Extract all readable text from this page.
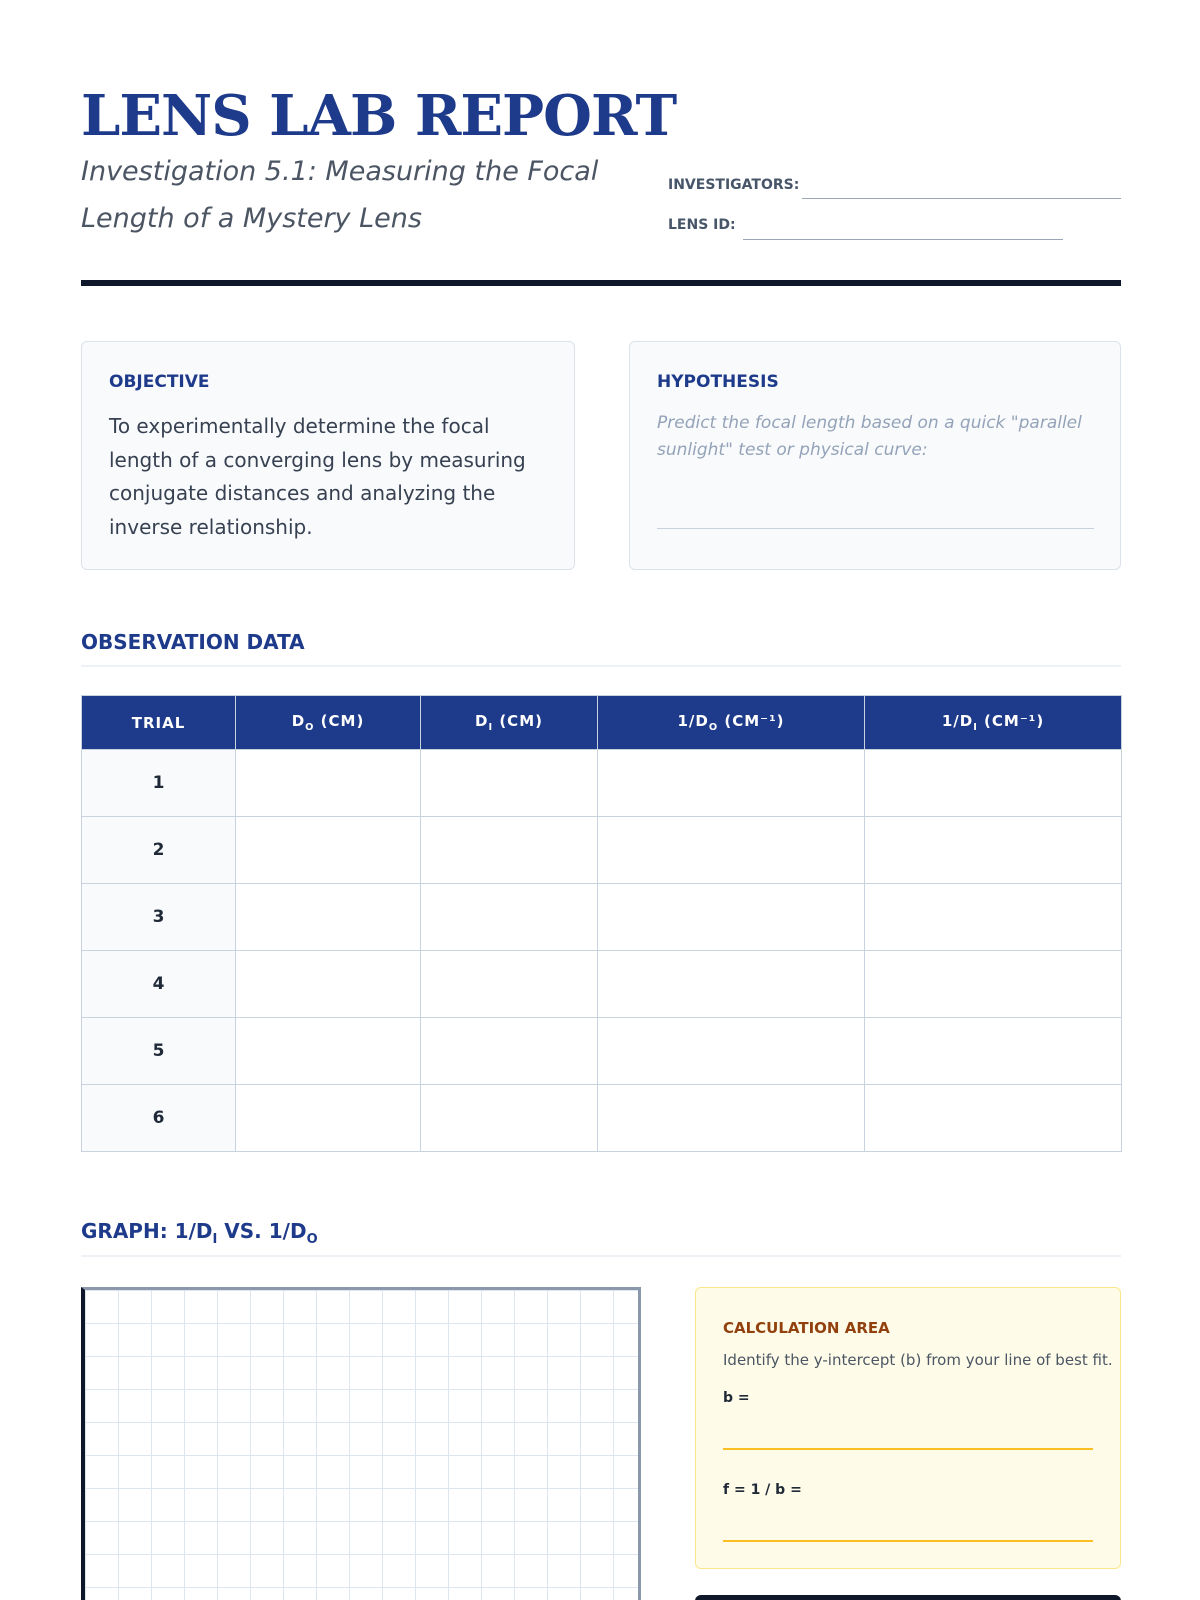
LENS LAB REPORT
Investigation 5.1: Measuring the Focal Length of a Mystery Lens
INVESTIGATORS:
LENS ID:
OBJECTIVE
To experimentally determine the focal length of a converging lens by measuring conjugate distances and analyzing the inverse relationship.
HYPOTHESIS
Predict the focal length based on a quick "parallel sunlight" test or physical curve:
OBSERVATION DATA
TRIAL	$D_O$ (CM)	$D_I$ (CM)	$1/D_O$ (CM⁻¹)	$1/D_I$ (CM⁻¹)
1				
2				
3				
4				
5				
6				
GRAPH: $1/D_I$ VS. $1/D_O$
CALCULATION AREA
Identify the y-intercept (b) from your line of best fit.
b =
f = 1 / b =
